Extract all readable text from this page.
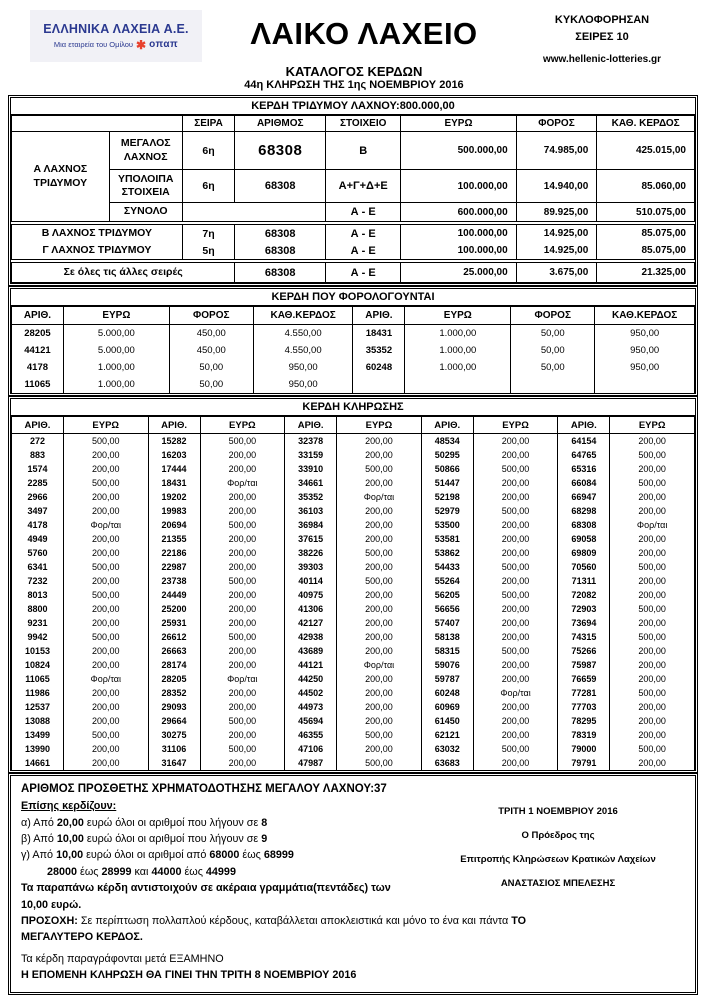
ΕΛΛΗΝΙΚΑ ΛΑΧΕΙΑ Α.Ε.
Μια εταιρεία του Ομίλου ✱ οπαπ	ΛΑΙΚΟ ΛΑΧΕΙΟ	ΚΥΚΛΟΦΟΡΗΣΑΝ
ΣΕΙΡΕΣ 10
www.hellenic-lotteries.gr
ΚΑΤΑΛΟΓΟΣ ΚΕΡΔΩΝ
44η ΚΛΗΡΩΣΗ ΤΗΣ 1ης ΝΟΕΜΒΡΙΟΥ 2016
ΚΕΡΔΗ ΤΡΙΔΥΜΟΥ ΛΑΧΝΟΥ:800.000,00
		ΣΕΙΡΑ	ΑΡΙΘΜΟΣ	ΣΤΟΙΧΕΙΟ	ΕΥΡΩ	ΦΟΡΟΣ	ΚΑΘ. ΚΕΡΔΟΣ
Α ΛΑΧΝΟΣ ΤΡΙΔΥΜΟΥ	ΜΕΓΑΛΟΣ ΛΑΧΝΟΣ	6η	68308	Β	500.000,00	74.985,00	425.015,00
	ΥΠΟΛΟΙΠΑ ΣΤΟΙΧΕΙΑ	6η	68308	Α+Γ+Δ+Ε	100.000,00	14.940,00	85.060,00
	ΣΥΝΟΛΟ			Α - Ε	600.000,00	89.925,00	510.075,00
Β ΛΑΧΝΟΣ ΤΡΙΔΥΜΟΥ	7η	68308	Α - Ε	100.000,00	14.925,00	85.075,00
Γ ΛΑΧΝΟΣ ΤΡΙΔΥΜΟΥ	5η	68308	Α - Ε	100.000,00	14.925,00	85.075,00
Σε όλες τις άλλες σειρές	68308	Α - Ε	25.000,00	3.675,00	21.325,00
ΚΕΡΔΗ ΠΟΥ ΦΟΡΟΛΟΓΟΥΝΤΑΙ
ΑΡΙΘ.	ΕΥΡΩ	ΦΟΡΟΣ	ΚΑΘ.ΚΕΡΔΟΣ	ΑΡΙΘ.	ΕΥΡΩ	ΦΟΡΟΣ	ΚΑΘ.ΚΕΡΔΟΣ
28205	5.000,00	450,00	4.550,00	18431	1.000,00	50,00	950,00
44121	5.000,00	450,00	4.550,00	35352	1.000,00	50,00	950,00
4178	1.000,00	50,00	950,00	60248	1.000,00	50,00	950,00
11065	1.000,00	50,00	950,00				
ΚΕΡΔΗ ΚΛΗΡΩΣΗΣ
ΑΡΙΘ.	ΕΥΡΩ	ΑΡΙΘ.	ΕΥΡΩ	ΑΡΙΘ.	ΕΥΡΩ	ΑΡΙΘ.	ΕΥΡΩ	ΑΡΙΘ.	ΕΥΡΩ
272	500,00	15282	500,00	32378	200,00	48534	200,00	64154	200,00
883	200,00	16203	200,00	33159	200,00	50295	200,00	64765	500,00
1574	200,00	17444	200,00	33910	500,00	50866	500,00	65316	200,00
2285	500,00	18431	Φορ/ται	34661	200,00	51447	200,00	66084	500,00
2966	200,00	19202	200,00	35352	Φορ/ται	52198	200,00	66947	200,00
3497	200,00	19983	200,00	36103	200,00	52979	500,00	68298	200,00
4178	Φορ/ται	20694	500,00	36984	200,00	53500	200,00	68308	Φορ/ται
4949	200,00	21355	200,00	37615	200,00	53581	200,00	69058	200,00
5760	200,00	22186	200,00	38226	500,00	53862	200,00	69809	200,00
6341	500,00	22987	200,00	39303	200,00	54433	500,00	70560	500,00
7232	200,00	23738	500,00	40114	500,00	55264	200,00	71311	200,00
8013	500,00	24449	200,00	40975	200,00	56205	500,00	72082	200,00
8800	200,00	25200	200,00	41306	200,00	56656	200,00	72903	500,00
9231	200,00	25931	200,00	42127	200,00	57407	200,00	73694	200,00
9942	500,00	26612	500,00	42938	200,00	58138	200,00	74315	500,00
10153	200,00	26663	200,00	43689	200,00	58315	500,00	75266	200,00
10824	200,00	28174	200,00	44121	Φορ/ται	59076	200,00	75987	200,00
11065	Φορ/ται	28205	Φορ/ται	44250	200,00	59787	200,00	76659	200,00
11986	200,00	28352	200,00	44502	200,00	60248	Φορ/ται	77281	500,00
12537	200,00	29093	200,00	44973	200,00	60969	200,00	77703	200,00
13088	200,00	29664	500,00	45694	200,00	61450	200,00	78295	200,00
13499	500,00	30275	200,00	46355	500,00	62121	200,00	78319	200,00
13990	200,00	31106	500,00	47106	200,00	63032	500,00	79000	500,00
14661	200,00	31647	200,00	47987	500,00	63683	200,00	79791	200,00
ΑΡΙΘΜΟΣ ΠΡΟΣΘΕΤΗΣ ΧΡΗΜΑΤΟΔΟΤΗΣΗΣ ΜΕΓΑΛΟΥ ΛΑΧΝΟΥ:37
Επίσης κερδίζουν:
α) Από 20,00 ευρώ όλοι οι αριθμοί που λήγουν σε 8
β) Από 10,00 ευρώ όλοι οι αριθμοί που λήγουν σε 9
γ) Από 10,00 ευρώ όλοι οι αριθμοί από 68000 έως 68999
28000 έως 28999 και 44000 έως 44999
Τα παραπάνω κέρδη αντιστοιχούν σε ακέραια γραμμάτια(πεντάδες) των
10,00 ευρώ.
ΠΡΟΣΟΧΗ: Σε περίπτωση πολλαπλού κέρδους, καταβάλλεται αποκλειστικά και μόνο το ένα και πάντα ΤΟ
ΜΕΓΑΛΥΤΕΡΟ ΚΕΡΔΟΣ.
Τα κέρδη παραγράφονται μετά ΕΞΑΜΗΝΟ
Η ΕΠΟΜΕΝΗ ΚΛΗΡΩΣΗ ΘΑ ΓΙΝΕΙ ΤΗΝ ΤΡΙΤΗ 8 ΝΟΕΜΒΡΙΟΥ 2016
ΤΡΙΤΗ 1 ΝΟΕΜΒΡΙΟΥ 2016
Ο Πρόεδρος της
Επιτροπής Κληρώσεων Κρατικών Λαχείων
ΑΝΑΣΤΑΣΙΟΣ ΜΠΕΛΕΣΗΣ
